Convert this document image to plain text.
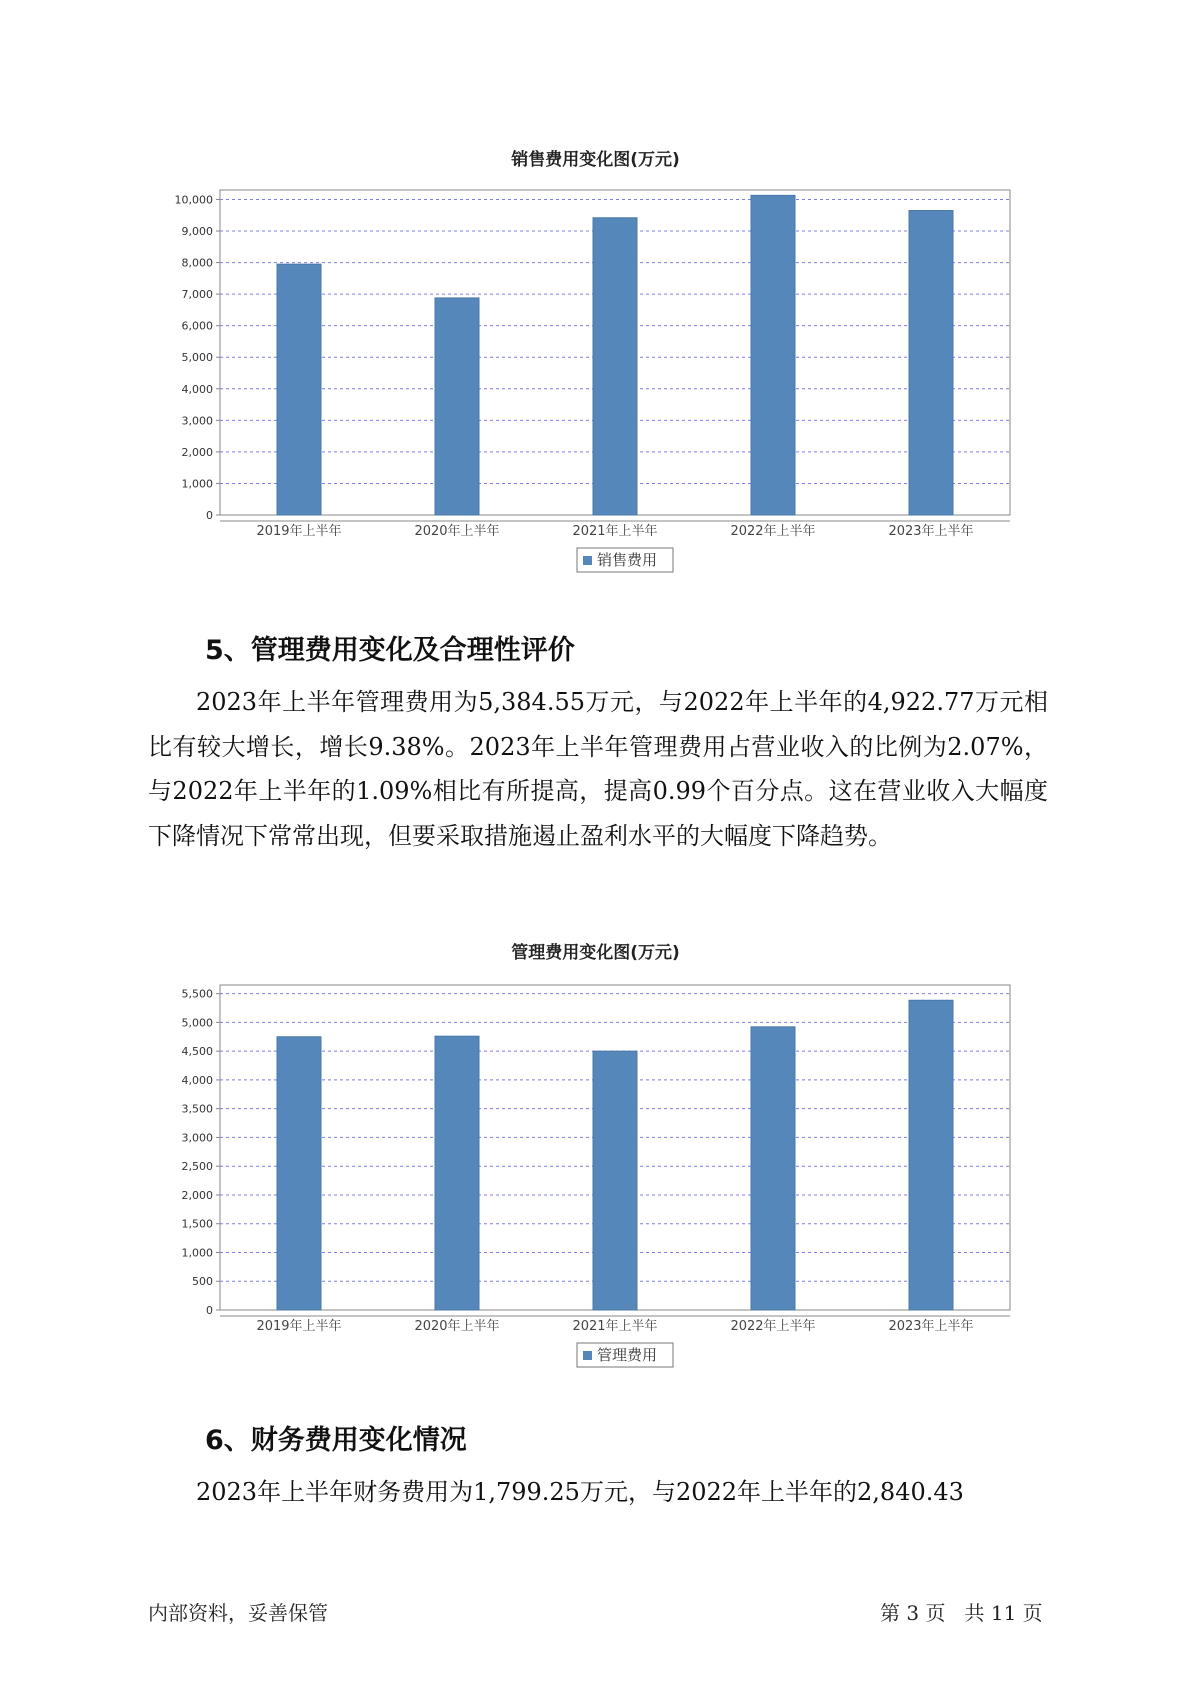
销售费用变化图(万元)
0
1,000
2,000
3,000
4,000
5,000
6,000
7,000
8,000
9,000
10,000
2019年上半年	2020年上半年	2021年上半年	2022年上半年	2023年上半年
销售费用
5、管理费用变化及合理性评价

2023年上半年管理费用为5,384.55万元，与2022年上半年的4,922.77万元相比有较大增长，增长9.38%。2023年上半年管理费用占营业收入的比例为2.07%，与2022年上半年的1.09%相比有所提高，提高0.99个百分点。这在营业收入大幅度下降情况下常常出现，但要采取措施遏止盈利水平的大幅度下降趋势。

管理费用变化图(万元)
0
500
1,000
1,500
2,000
2,500
3,000
3,500
4,000
4,500
5,000
5,500
2019年上半年	2020年上半年	2021年上半年	2022年上半年	2023年上半年
管理费用
6、财务费用变化情况

2023年上半年财务费用为1,799.25万元，与2022年上半年的2,840.43

内部资料，妥善保管	第 3 页   共 11 页
